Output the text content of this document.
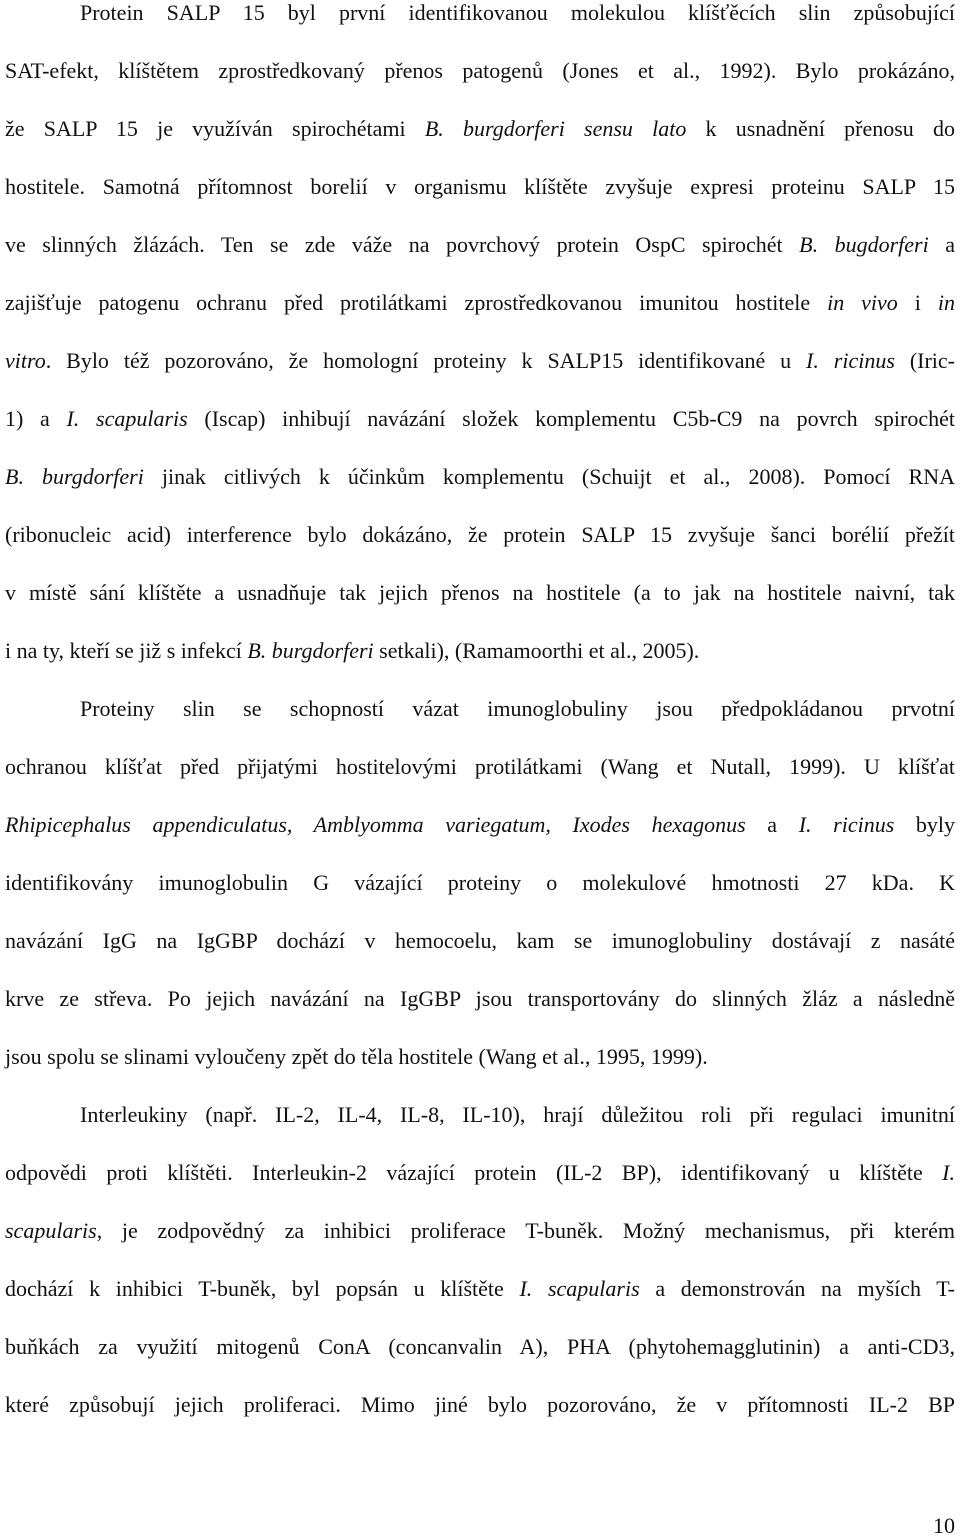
Protein SALP 15 byl první identifikovanou molekulou klíšťěcích slin způsobující
SAT-efekt, klíštětem zprostředkovaný přenos patogenů (Jones et al., 1992). Bylo prokázáno,
že SALP 15 je využíván spirochétami B. burgdorferi sensu lato k usnadnění přenosu do
hostitele. Samotná přítomnost borelií v organismu klíštěte zvyšuje expresi proteinu SALP 15
ve slinných žlázách. Ten se zde váže na povrchový protein OspC spirochét B. bugdorferi a
zajišťuje patogenu ochranu před protilátkami zprostředkovanou imunitou hostitele in vivo i in
vitro. Bylo též pozorováno, že homologní proteiny k SALP15 identifikované u I. ricinus (Iric-
1) a I. scapularis (Iscap) inhibují navázání složek komplementu C5b-C9 na povrch spirochét
B. burgdorferi jinak citlivých k účinkům komplementu (Schuijt et al., 2008). Pomocí RNA
(ribonucleic acid) interference bylo dokázáno, že protein SALP 15 zvyšuje šanci borélií přežít
v místě sání klíštěte a usnadňuje tak jejich přenos na hostitele (a to jak na hostitele naivní, tak
i na ty, kteří se již s infekcí B. burgdorferi setkali), (Ramamoorthi et al., 2005).
Proteiny slin se schopností vázat imunoglobuliny jsou předpokládanou prvotní
ochranou klíšťat před přijatými hostitelovými protilátkami (Wang et Nutall, 1999). U klíšťat
Rhipicephalus appendiculatus, Amblyomma variegatum, Ixodes hexagonus a I. ricinus byly
identifikovány imunoglobulin G vázající proteiny o molekulové hmotnosti 27 kDa. K
navázání IgG na IgGBP dochází v hemocoelu, kam se imunoglobuliny dostávají z nasáté
krve ze střeva. Po jejich navázání na IgGBP jsou transportovány do slinných žláz a následně
jsou spolu se slinami vyloučeny zpět do těla hostitele (Wang et al., 1995, 1999).
Interleukiny (např. IL-2, IL-4, IL-8, IL-10), hrají důležitou roli při regulaci imunitní
odpovědi proti klíštěti. Interleukin-2 vázající protein (IL-2 BP), identifikovaný u klíštěte I.
scapularis, je zodpovědný za inhibici proliferace T-buněk. Možný mechanismus, při kterém
dochází k inhibici T-buněk, byl popsán u klíštěte I. scapularis a demonstrován na myších T-
buňkách za využití mitogenů ConA (concanvalin A), PHA (phytohemagglutinin) a anti-CD3,
které způsobují jejich proliferaci. Mimo jiné bylo pozorováno, že v přítomnosti IL-2 BP
10
